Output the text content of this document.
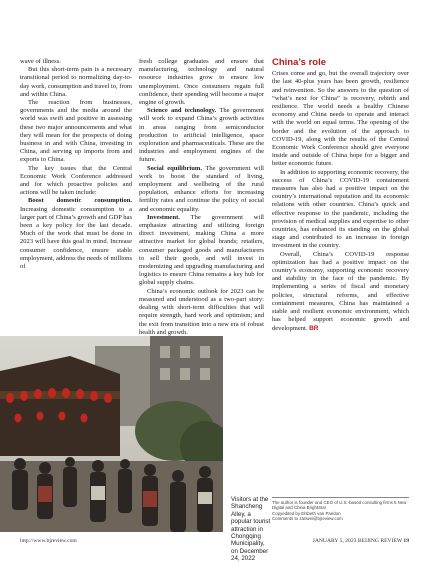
wave of illness.

But this short-term pain is a necessary transitional period to normalizing day-to-day work, consumption and travel to, from and within China.

The reaction from businesses, governments and the media around the world was swift and positive in assessing these two major announcements and what they will mean for the prospects of doing business in and with China, investing in China, and serving up imports from and exports to China.

The key issues that the Central Economic Work Conference addressed and for which proactive policies and actions will be taken include:

Boost domestic consumption. Increasing domestic consumption to a larger part of China’s growth and GDP has been a key policy for the last decade. Much of the work that must be done in 2023 will have this goal in mind. Increase consumer confidence, ensure stable employment, address the needs of millions of

fresh college graduates and ensure that manufacturing, technology and natural resource industries grow to ensure low unemployment. Once consumers regain full confidence, their spending will become a major engine of growth.

Science and technology. The government will work to expand China’s growth activities in areas ranging from semiconductor production to artificial intelligence, space exploration and pharmaceuticals. These are the industries and employment engines of the future.

Social equilibrium. The government will work to boost the standard of living, employment and wellbeing of the rural population, enhance efforts for increasing fertility rates and continue the policy of social and economic equality.

Investment. The government will emphasize attracting and utilizing foreign direct investment, making China a more attractive market for global brands; retailers, consumer packaged goods and manufacturers to sell their goods, and will invest in modernizing and upgrading manufacturing and logistics to ensure China remains a key hub for global supply chains.

China’s economic outlook for 2023 can be measured and understood as a two-part story: dealing with short-term difficulties that will require strength, hard work and optimism; and the exit from transition into a new era of robust health and growth.

China’s role

Crises come and go, but the overall trajectory over the last 40-plus years has been growth, resilience and reinvention. So the answers to the question of “what’s next for China” is recovery, rebirth and resilience. The world needs a healthy Chinese economy and China needs to operate and interact with the world on equal terms. The opening of the border and the evolution of the approach to COVID-19, along with the results of the Central Economic Work Conference should give everyone inside and outside of China hope for a bigger and better economic future.

In addition to supporting economic recovery, the success of China’s COVID-19 containment measures has also had a positive impact on the country’s international reputation and its economic relations with other countries. China’s quick and effective response to the pandemic, including the provision of medical supplies and expertise to other countries, has enhanced its standing on the global stage and contributed to an increase in foreign investment in the country.

Overall, China’s COVID-19 response optimization has had a positive impact on the country’s economy, supporting economic recovery and stability in the face of the pandemic. By implementing a series of fiscal and monetary policies, structural reforms, and effective containment measures, China has maintained a stable and resilient economic environment, which has helped support economic growth and development. BR

Visitors at the Shancheng Alley, a popular tourist attraction in Chongqing Municipality, on December 24, 2022
The author is founder and CEO of U.S.-based consulting firms 5 New Digital and China BrightStar
Copyedited by Elsbeth van Paridon
Comments to zanwei@bjreview.com
http://www.bjreview.com	JANUARY 5, 2023 BEIJING REVIEW 19
